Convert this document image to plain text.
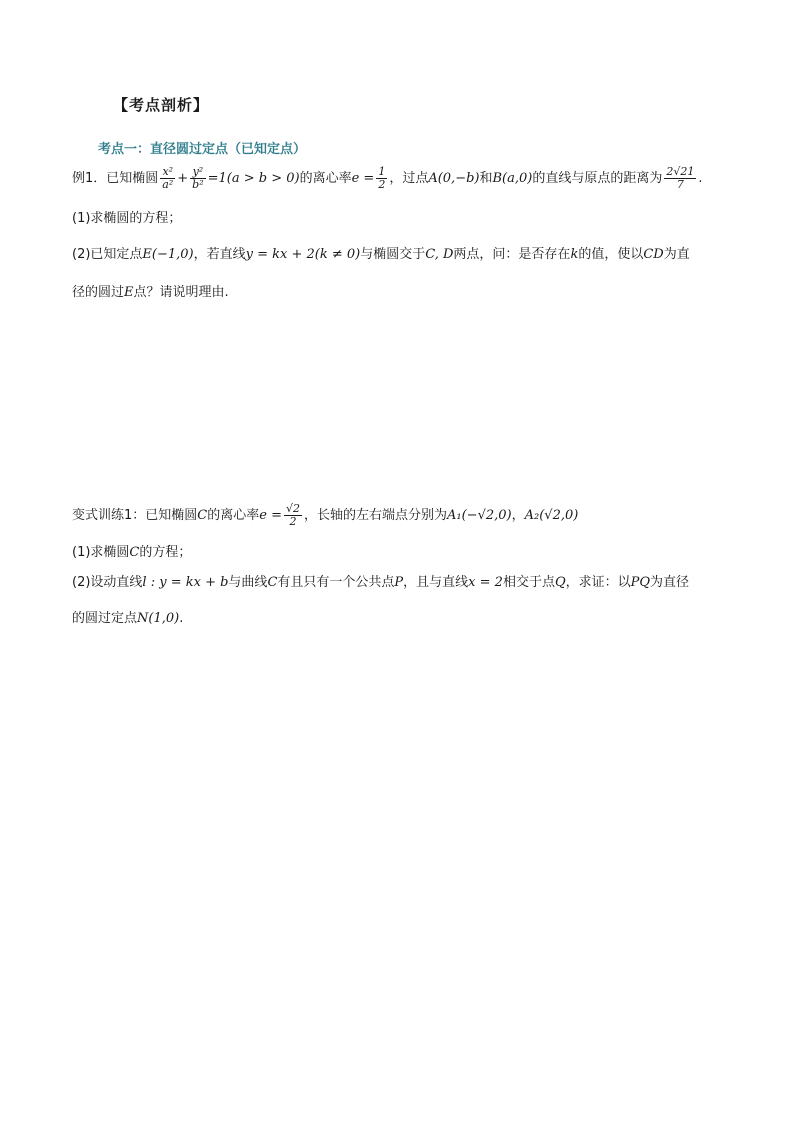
【考点剖析】
考点一：直径圆过定点（已知定点）
例1．已知椭圆 $\frac{\text{x²}}{\text{a²}} + \frac{\text{y²}}{\text{b²}} =1(a > b > 0)$的离心率$e = \frac{1}{2}$ ，过点A(0,−b)和B(a,0)的直线与原点的距离为 $\frac{2√21}{7}$ .
(1)求椭圆的方程；
(2)已知定点E(−1,0)，若直线y = kx + 2(k ≠ 0)与椭圆交于C, D两点，问：是否存在k的值，使以CD为直
径的圆过E点？请说明理由.
变式训练1：已知椭圆C的离心率$e = \frac{√2}{2}$ ，长轴的左右端点分别为A₁(−√2,0)，A₂(√2,0)
(1)求椭圆C的方程；
(2)设动直线l : y = kx + b与曲线C有且只有一个公共点P，且与直线x = 2相交于点Q，求证：以PQ为直径
的圆过定点N(1,0).
